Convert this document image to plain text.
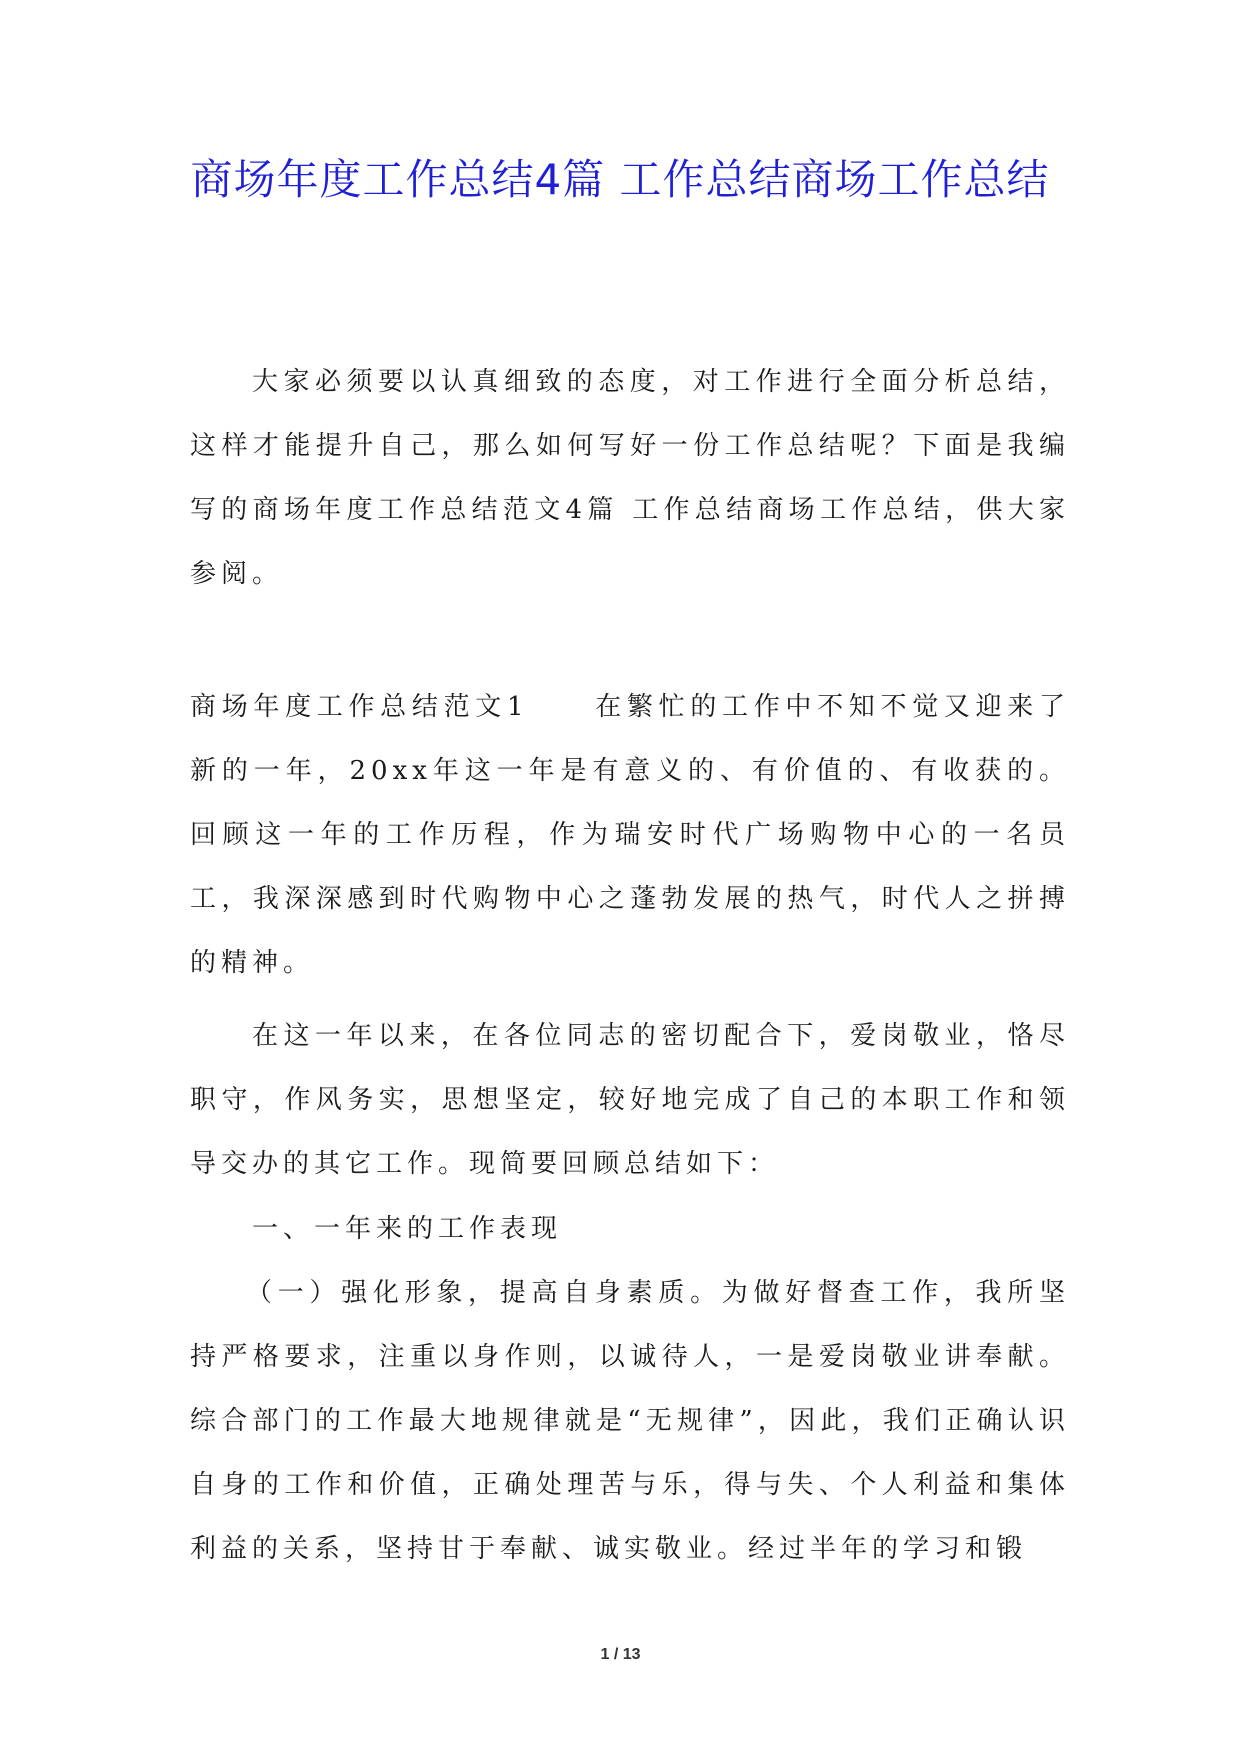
商场年度工作总结4篇 工作总结商场工作总结

大家必须要以认真细致的态度，对工作进行全面分析总结，这样才能提升自己，那么如何写好一份工作总结呢？下面是我编写的商场年度工作总结范文4篇 工作总结商场工作总结，供大家参阅。

商场年度工作总结范文1	在繁忙的工作中不知不觉又迎来了新的一年，20xx年这一年是有意义的、有价值的、有收获的。回顾这一年的工作历程，作为瑞安时代广场购物中心的一名员工，我深深感到时代购物中心之蓬勃发展的热气，时代人之拼搏的精神。

在这一年以来，在各位同志的密切配合下，爱岗敬业，恪尽职守，作风务实，思想坚定，较好地完成了自己的本职工作和领导交办的其它工作。现简要回顾总结如下：

一、一年来的工作表现

（一）强化形象，提高自身素质。为做好督查工作，我所坚持严格要求，注重以身作则，以诚待人，一是爱岗敬业讲奉献。综合部门的工作最大地规律就是“无规律”，因此，我们正确认识自身的工作和价值，正确处理苦与乐，得与失、个人利益和集体利益的关系，坚持甘于奉献、诚实敬业。经过半年的学习和锻

1 / 13
